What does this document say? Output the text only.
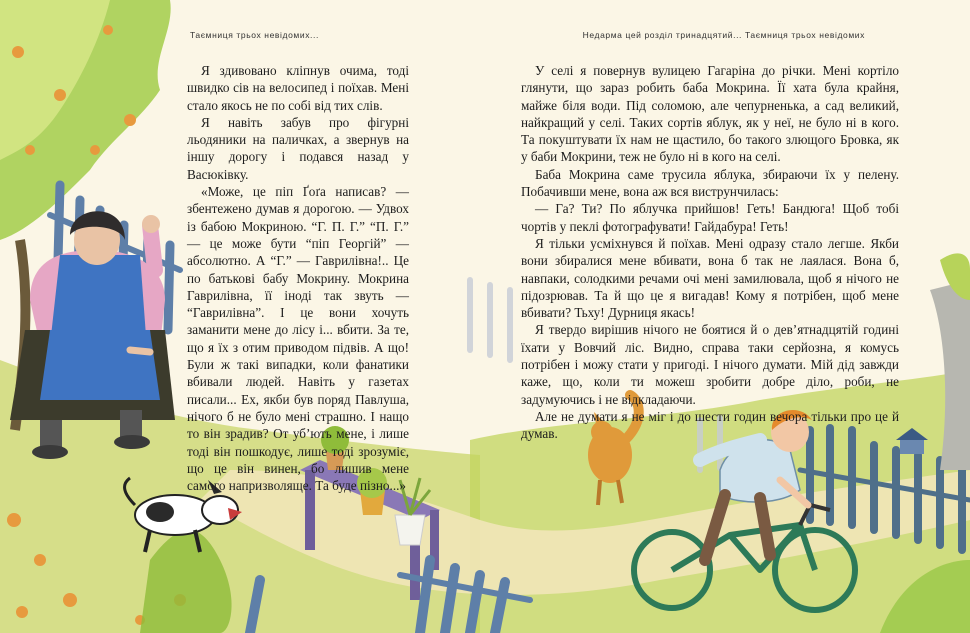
Таємниця трьох невідомих...	Недарма цей розділ тринадцятий... Таємниця трьох невідомих

Я здивовано кліпнув очима, тоді швидко сів на велосипед і поїхав. Мені стало якось не по собі від тих слів.

Я навіть забув про фігурні льодяники на паличках, а звернув на іншу дорогу і подався назад у Васюківку.

«Може, це піп Ґоґа написав? — збентежено думав я дорогою. — Удвох із бабою Мокриною. “Г. П. Г.” “П. Г.” — це може бути “піп Георгій” — абсолютно. А “Г.” — Гаврилівна!.. Це по батькові бабу Мокрину. Мокрина Гаврилівна, її іноді так звуть — “Гаврилівна”. І це вони хочуть заманити мене до лісу і... вбити. За те, що я їх з отим приводом підвів. А що! Були ж такі випадки, коли фанатики вбивали людей. Навіть у газетах писали... Ех, якби був поряд Павлуша, нічого б не було мені страшно. І нащо то він зрадив? От уб’ють мене, і лише тоді він пошкодує, лише тоді зрозуміє, що це він винен, бо лишив мене самого напризволяще. Та буде пізно...»

У селі я повернув вулицею Гагаріна до річки. Мені кортіло глянути, що зараз робить баба Мокрина. Її хата була крайня, майже біля води. Під соломою, але чепурненька, а сад великий, найкращий у селі. Таких сортів яблук, як у неї, не було ні в кого. Та покуштувати їх нам не щастило, бо такого злющого Бровка, як у баби Мокрини, теж не було ні в кого на селі.

Баба Мокрина саме трусила яблука, збираючи їх у пелену. Побачивши мене, вона аж вся виструнчилась:

— Га? Ти? По яблучка прийшов! Геть! Бандюга! Щоб тобі чортів у пеклі фотографувати! Гайдабура! Геть!

Я тільки усміхнувся й поїхав. Мені одразу стало легше. Якби вони збиралися мене вбивати, вона б так не лаялася. Вона б, навпаки, солодкими речами очі мені замилювала, щоб я нічого не підозрював. Та й що це я вигадав! Кому я потрібен, щоб мене вбивати? Тьху! Дурниця якась!

Я твердо вирішив нічого не боятися й о дев’ятнадцятій годині їхати у Вовчий ліс. Видно, справа таки серйозна, я комусь потрібен і можу стати у пригоді. І нічого думати. Мій дід завжди каже, що, коли ти можеш зробити добре діло, роби, не задумуючись і не відкладаючи.

Але не думати я не міг і до шести годин вечора тільки про це й думав.
